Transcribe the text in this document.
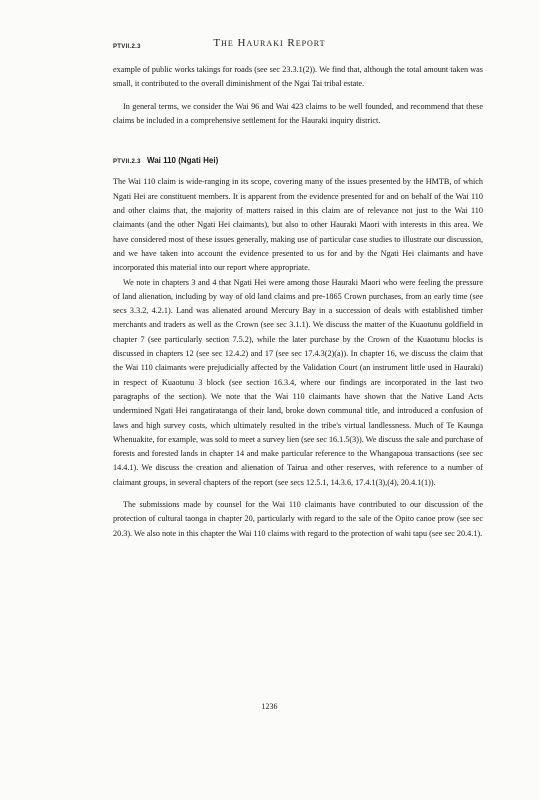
PTVII.2.3	The Hauraki Report

example of public works takings for roads (see sec 23.3.1(2)). We find that, although the total amount taken was small, it contributed to the overall diminishment of the Ngai Tai tribal estate.

In general terms, we consider the Wai 96 and Wai 423 claims to be well founded, and recommend that these claims be included in a comprehensive settlement for the Hauraki inquiry district.

PTVII.2.3 Wai 110 (Ngati Hei)

The Wai 110 claim is wide-ranging in its scope, covering many of the issues presented by the HMTB, of which Ngati Hei are constituent members. It is apparent from the evidence presented for and on behalf of the Wai 110 and other claims that, the majority of matters raised in this claim are of relevance not just to the Wai 110 claimants (and the other Ngati Hei claimants), but also to other Hauraki Maori with interests in this area. We have considered most of these issues generally, making use of particular case studies to illustrate our discussion, and we have taken into account the evidence presented to us for and by the Ngati Hei claimants and have incorporated this material into our report where appropriate.

We note in chapters 3 and 4 that Ngati Hei were among those Hauraki Maori who were feeling the pressure of land alienation, including by way of old land claims and pre-1865 Crown purchases, from an early time (see secs 3.3.2, 4.2.1). Land was alienated around Mercury Bay in a succession of deals with established timber merchants and traders as well as the Crown (see sec 3.1.1). We discuss the matter of the Kuaotunu goldfield in chapter 7 (see particularly section 7.5.2), while the later purchase by the Crown of the Kuaotunu blocks is discussed in chapters 12 (see sec 12.4.2) and 17 (see sec 17.4.3(2)(a)). In chapter 16, we discuss the claim that the Wai 110 claimants were prejudicially affected by the Validation Court (an instrument little used in Hauraki) in respect of Kuaotunu 3 block (see section 16.3.4, where our findings are incorporated in the last two paragraphs of the section). We note that the Wai 110 claimants have shown that the Native Land Acts undermined Ngati Hei rangatiratanga of their land, broke down communal title, and introduced a confusion of laws and high survey costs, which ultimately resulted in the tribe's virtual landlessness. Much of Te Kaunga Whenuakite, for example, was sold to meet a survey lien (see sec 16.1.5(3)). We discuss the sale and purchase of forests and forested lands in chapter 14 and make particular reference to the Whangapoua transactions (see sec 14.4.1). We discuss the creation and alienation of Tairua and other reserves, with reference to a number of claimant groups, in several chapters of the report (see secs 12.5.1, 14.3.6, 17.4.1(3),(4), 20.4.1(1)).

The submissions made by counsel for the Wai 110 claimants have contributed to our discussion of the protection of cultural taonga in chapter 20, particularly with regard to the sale of the Opito canoe prow (see sec 20.3). We also note in this chapter the Wai 110 claims with regard to the protection of wahi tapu (see sec 20.4.1).

1236
